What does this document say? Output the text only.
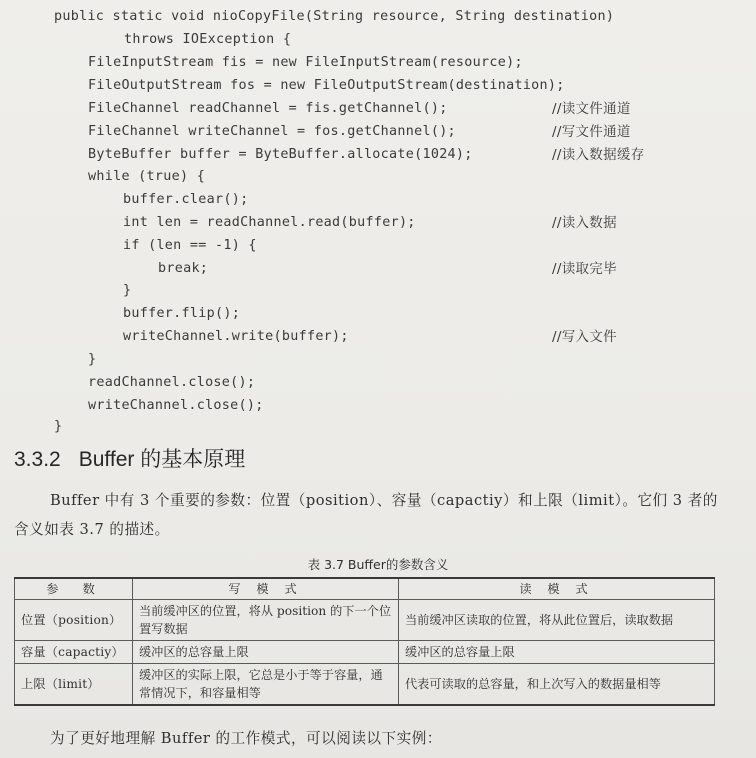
public static void nioCopyFile(String resource, String destination)
throws IOException {
FileInputStream fis = new FileInputStream(resource);
FileOutputStream fos = new FileOutputStream(destination);
FileChannel readChannel = fis.getChannel();	//读文件通道
FileChannel writeChannel = fos.getChannel();	//写文件通道
ByteBuffer buffer = ByteBuffer.allocate(1024);	//读入数据缓存
while (true) {
buffer.clear();
int len = readChannel.read(buffer);	//读入数据
if (len == -1) {
break;	//读取完毕
}
buffer.flip();
writeChannel.write(buffer);	//写入文件
}
readChannel.close();
writeChannel.close();
}
3.3.2 Buffer 的基本原理
Buffer 中有 3 个重要的参数：位置（position）、容量（capactiy）和上限（limit）。它们 3 者的含义如表 3.7 的描述。
表 3.7 Buffer的参数含义
参　数	写 模 式	读 模 式
位置（position）	当前缓冲区的位置，将从 position 的下一个位置写数据	当前缓冲区读取的位置，将从此位置后，读取数据
容量（capactiy）	缓冲区的总容量上限	缓冲区的总容量上限
上限（limit）	缓冲区的实际上限，它总是小于等于容量，通常情况下，和容量相等	代表可读取的总容量，和上次写入的数据量相等
为了更好地理解 Buffer 的工作模式，可以阅读以下实例：
